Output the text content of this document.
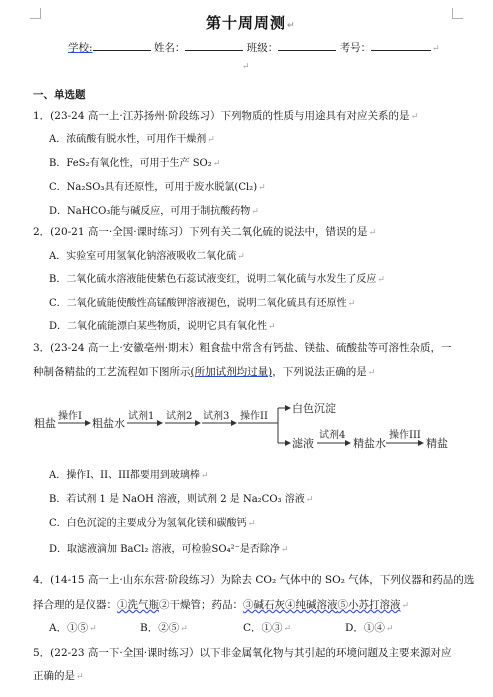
第十周周测↵
学校:	姓名：	班级：	考号：	↵
↵
一、单选题
1．(23-24 高一上·江苏扬州·阶段练习）下列物质的性质与用途具有对应关系的是↵
A．浓硫酸有脱水性，可用作干燥剂↵
B．FeS₂有氧化性，可用于生产 SO₂↵
C．Na₂SO₃具有还原性，可用于废水脱氯(Cl₂)↵
D．NaHCO₃能与碱反应，可用于制抗酸药物↵
2．(20-21 高一·全国·课时练习）下列有关二氧化硫的说法中，错误的是↵
A．实验室可用氢氧化钠溶液吸收二氧化硫↵
B．二氧化硫水溶液能使紫色石蕊试液变红，说明二氧化硫与水发生了反应↵
C．二氧化硫能使酸性高锰酸钾溶液褪色，说明二氧化硫具有还原性↵
D．二氧化硫能漂白某些物质，说明它具有氧化性↵
3．(23-24 高一上·安徽亳州·期末）粗食盐中常含有钙盐、镁盐、硫酸盐等可溶性杂质，一
种制备精盐的工艺流程如下图所示(所加试剂均过量)，下列说法正确的是↵
粗盐
操作I
粗盐水
试剂1 试剂2 试剂3 操作II
白色沉淀
滤液
试剂4
精盐水
操作III
精盐
A．操作I、II、III都要用到玻璃棒↵
B．若试剂 1 是 NaOH 溶液，则试剂 2 是 Na₂CO₃ 溶液↵
C．白色沉淀的主要成分为氢氧化镁和碳酸钙↵
D．取滤液滴加 BaCl₂ 溶液，可检验SO₄²⁻是否除净↵
4．(14-15 高一上·山东东营·阶段练习）为除去 CO₂ 气体中的 SO₂ 气体，下列仪器和药品的选
择合理的是仪器：①洗气瓶②干燥管；药品：③碱石灰④纯碱溶液⑤小苏打溶液↵
A．①⑤↵	B．②⑤↵	C．①③↵	D．①④↵
5．(22-23 高一下·全国·课时练习）以下非金属氧化物与其引起的环境问题及主要来源对应
正确的是↵
